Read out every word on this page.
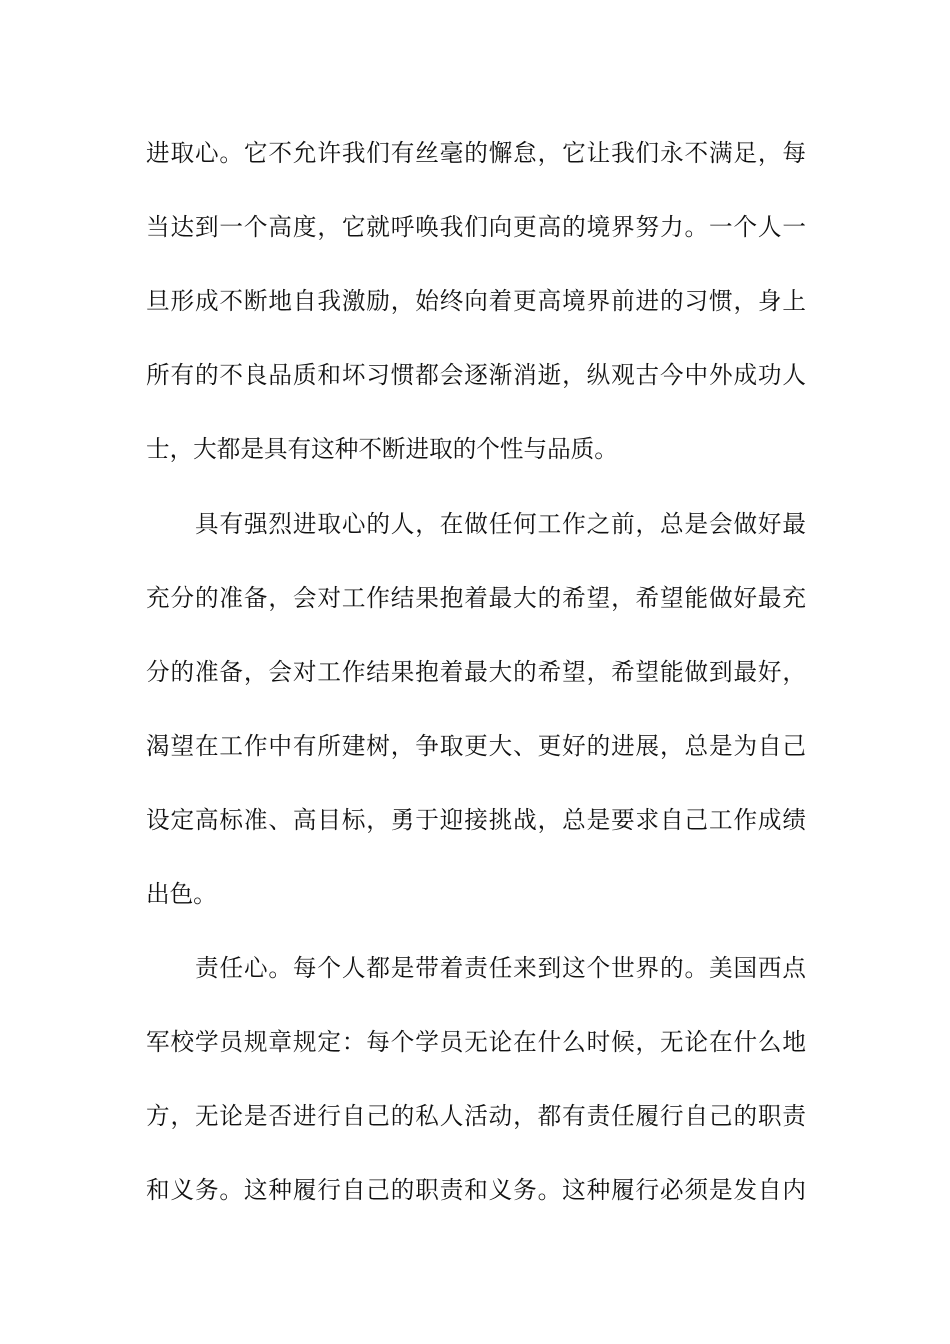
进取心。它不允许我们有丝毫的懈怠，它让我们永不满足，每
当达到一个高度，它就呼唤我们向更高的境界努力。一个人一
旦形成不断地自我激励，始终向着更高境界前进的习惯，身上
所有的不良品质和坏习惯都会逐渐消逝，纵观古今中外成功人
士，大都是具有这种不断进取的个性与品质。
具有强烈进取心的人，在做任何工作之前，总是会做好最
充分的准备，会对工作结果抱着最大的希望，希望能做好最充
分的准备，会对工作结果抱着最大的希望，希望能做到最好，
渴望在工作中有所建树，争取更大、更好的进展，总是为自己
设定高标准、高目标，勇于迎接挑战，总是要求自己工作成绩
出色。
责任心。每个人都是带着责任来到这个世界的。美国西点
军校学员规章规定：每个学员无论在什么时候，无论在什么地
方，无论是否进行自己的私人活动，都有责任履行自己的职责
和义务。这种履行自己的职责和义务。这种履行必须是发自内
